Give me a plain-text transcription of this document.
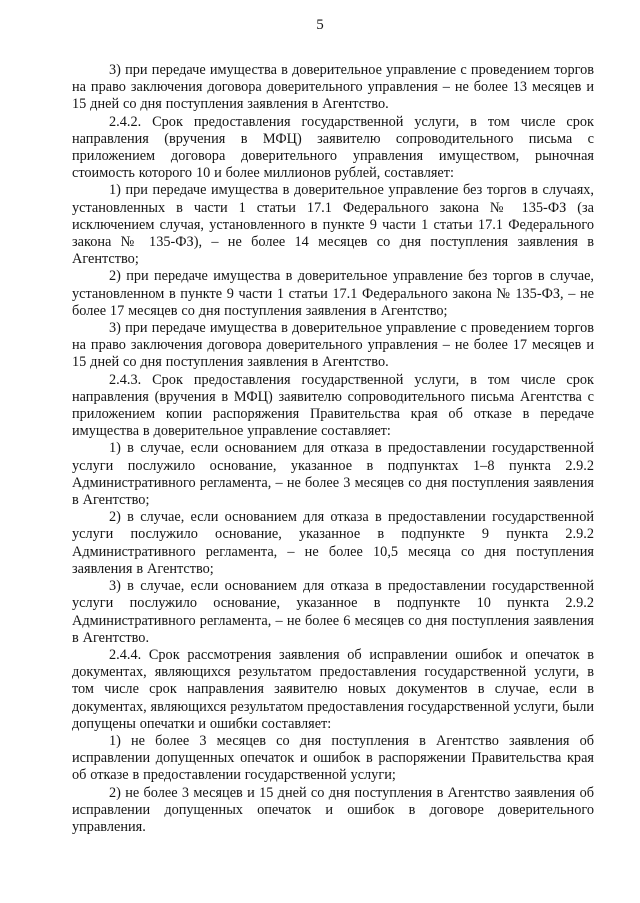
5

3) при передаче имущества в доверительное управление с проведением торгов на право заключения договора доверительного управления – не более 13 месяцев и 15 дней со дня поступления заявления в Агентство.

2.4.2. Срок предоставления государственной услуги, в том числе срок направления (вручения в МФЦ) заявителю сопроводительного письма с приложением договора доверительного управления имуществом, рыночная стоимость которого 10 и более миллионов рублей, составляет:

1) при передаче имущества в доверительное управление без торгов в случаях, установленных в части 1 статьи 17.1 Федерального закона № 135-ФЗ (за исключением случая, установленного в пункте 9 части 1 статьи 17.1 Федерального закона № 135-ФЗ), – не более 14 месяцев со дня поступления заявления в Агентство;

2) при передаче имущества в доверительное управление без торгов в случае, установленном в пункте 9 части 1 статьи 17.1 Федерального закона № 135-ФЗ, – не более 17 месяцев со дня поступления заявления в Агентство;

3) при передаче имущества в доверительное управление с проведением торгов на право заключения договора доверительного управления – не более 17 месяцев и 15 дней со дня поступления заявления в Агентство.

2.4.3. Срок предоставления государственной услуги, в том числе срок направления (вручения в МФЦ) заявителю сопроводительного письма Агентства с приложением копии распоряжения Правительства края об отказе в передаче имущества в доверительное управление составляет:

1) в случае, если основанием для отказа в предоставлении государственной услуги послужило основание, указанное в подпунктах 1–8 пункта 2.9.2 Административного регламента, – не более 3 месяцев со дня поступления заявления в Агентство;

2) в случае, если основанием для отказа в предоставлении государственной услуги послужило основание, указанное в подпункте 9 пункта 2.9.2 Административного регламента, – не более 10,5 месяца со дня поступления заявления в Агентство;

3) в случае, если основанием для отказа в предоставлении государственной услуги послужило основание, указанное в подпункте 10 пункта 2.9.2 Административного регламента, – не более 6 месяцев со дня поступления заявления в Агентство.

2.4.4. Срок рассмотрения заявления об исправлении ошибок и опечаток в документах, являющихся результатом предоставления государственной услуги, в том числе срок направления заявителю новых документов в случае, если в документах, являющихся результатом предоставления государственной услуги, были допущены опечатки и ошибки составляет:

1) не более 3 месяцев со дня поступления в Агентство заявления об исправлении допущенных опечаток и ошибок в распоряжении Правительства края об отказе в предоставлении государственной услуги;

2) не более 3 месяцев и 15 дней со дня поступления в Агентство заявления об исправлении допущенных опечаток и ошибок в договоре доверительного управления.
